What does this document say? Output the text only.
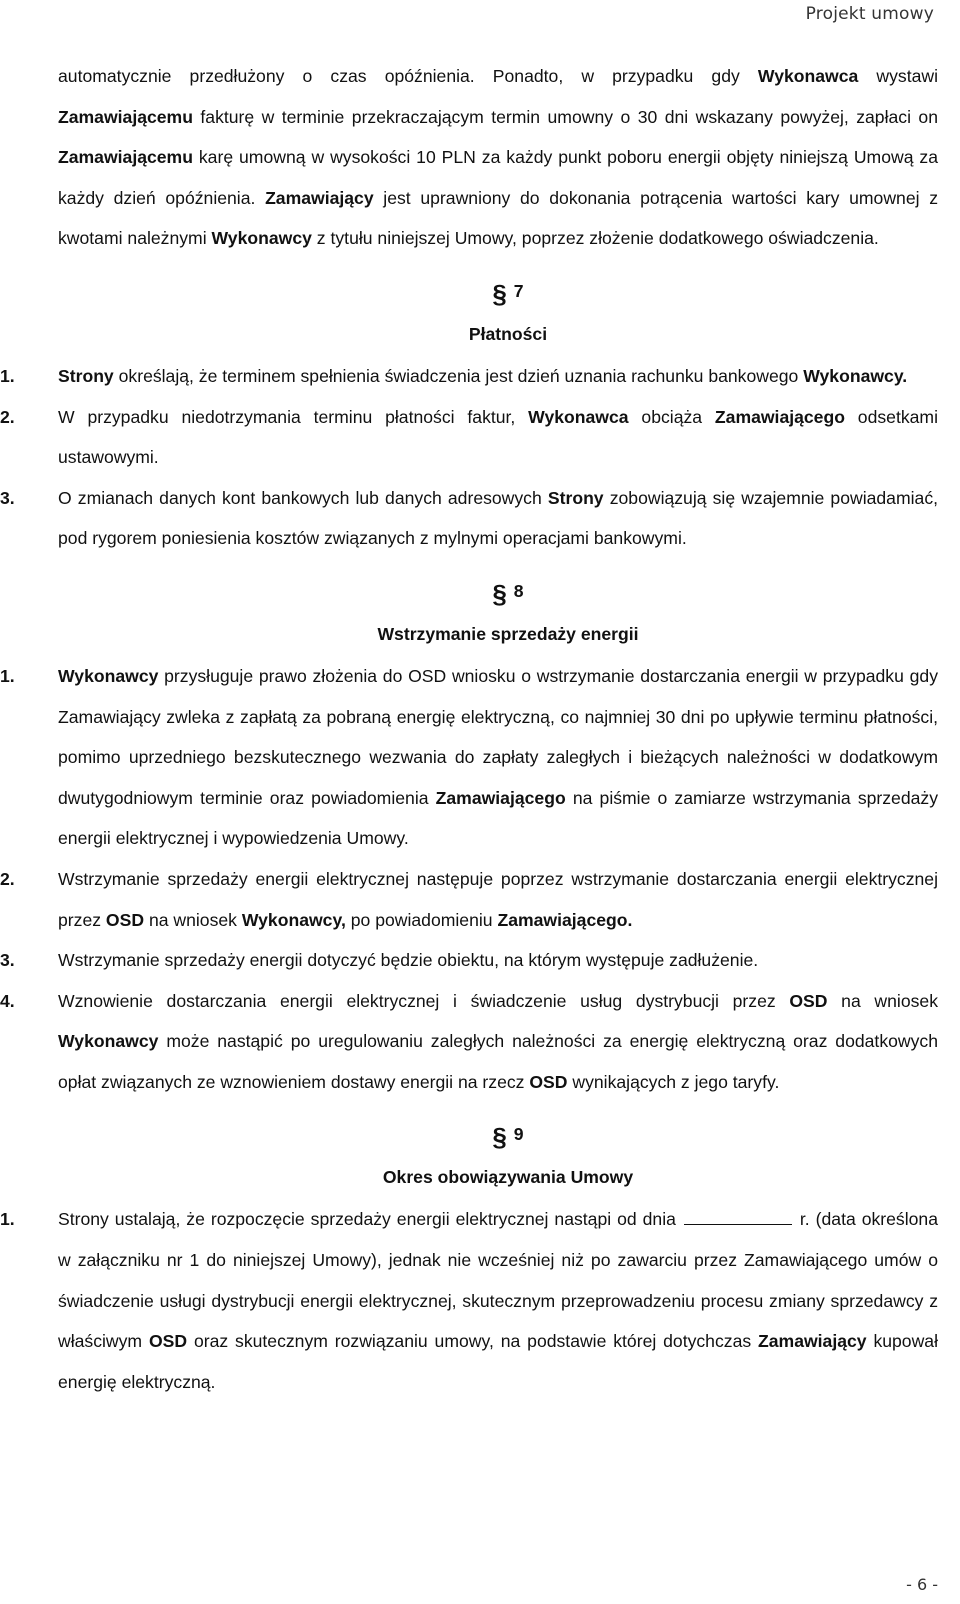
Projekt umowy

automatycznie przedłużony o czas opóźnienia. Ponadto, w przypadku gdy Wykonawca wystawi Zamawiającemu fakturę w terminie przekraczającym termin umowny o 30 dni wskazany powyżej, zapłaci on Zamawiającemu karę umowną w wysokości 10 PLN za każdy punkt poboru energii objęty niniejszą Umową za każdy dzień opóźnienia. Zamawiający jest uprawniony do dokonania potrącenia wartości kary umownej z kwotami należnymi Wykonawcy z tytułu niniejszej Umowy, poprzez złożenie dodatkowego oświadczenia.

§ 7
Płatności
1.	Strony określają, że terminem spełnienia świadczenia jest dzień uznania rachunku bankowego Wykonawcy.
2.	W przypadku niedotrzymania terminu płatności faktur, Wykonawca obciąża Zamawiającego odsetkami ustawowymi.
3.	O zmianach danych kont bankowych lub danych adresowych Strony zobowiązują się wzajemnie powiadamiać, pod rygorem poniesienia kosztów związanych z mylnymi operacjami bankowymi.
§ 8
Wstrzymanie sprzedaży energii
1.	Wykonawcy przysługuje prawo złożenia do OSD wniosku o wstrzymanie dostarczania energii w przypadku gdy Zamawiający zwleka z zapłatą za pobraną energię elektryczną, co najmniej 30 dni po upływie terminu płatności, pomimo uprzedniego bezskutecznego wezwania do zapłaty zaległych i bieżących należności w dodatkowym dwutygodniowym terminie oraz powiadomienia Zamawiającego na piśmie o zamiarze wstrzymania sprzedaży energii elektrycznej i wypowiedzenia Umowy.
2.	Wstrzymanie sprzedaży energii elektrycznej następuje poprzez wstrzymanie dostarczania energii elektrycznej przez OSD na wniosek Wykonawcy, po powiadomieniu Zamawiającego.
3.	Wstrzymanie sprzedaży energii dotyczyć będzie obiektu, na którym występuje zadłużenie.
4.	Wznowienie dostarczania energii elektrycznej i świadczenie usług dystrybucji przez OSD na wniosek Wykonawcy może nastąpić po uregulowaniu zaległych należności za energię elektryczną oraz dodatkowych opłat związanych ze wznowieniem dostawy energii na rzecz OSD wynikających z jego taryfy.
§ 9
Okres obowiązywania Umowy
1.	Strony ustalają, że rozpoczęcie sprzedaży energii elektrycznej nastąpi od dnia	r. (data określona w załączniku nr 1 do niniejszej Umowy), jednak nie wcześniej niż po zawarciu przez Zamawiającego umów o świadczenie usługi dystrybucji energii elektrycznej, skutecznym przeprowadzeniu procesu zmiany sprzedawcy z właściwym OSD oraz skutecznym rozwiązaniu umowy, na podstawie której dotychczas Zamawiający kupował energię elektryczną.
- 6 -
